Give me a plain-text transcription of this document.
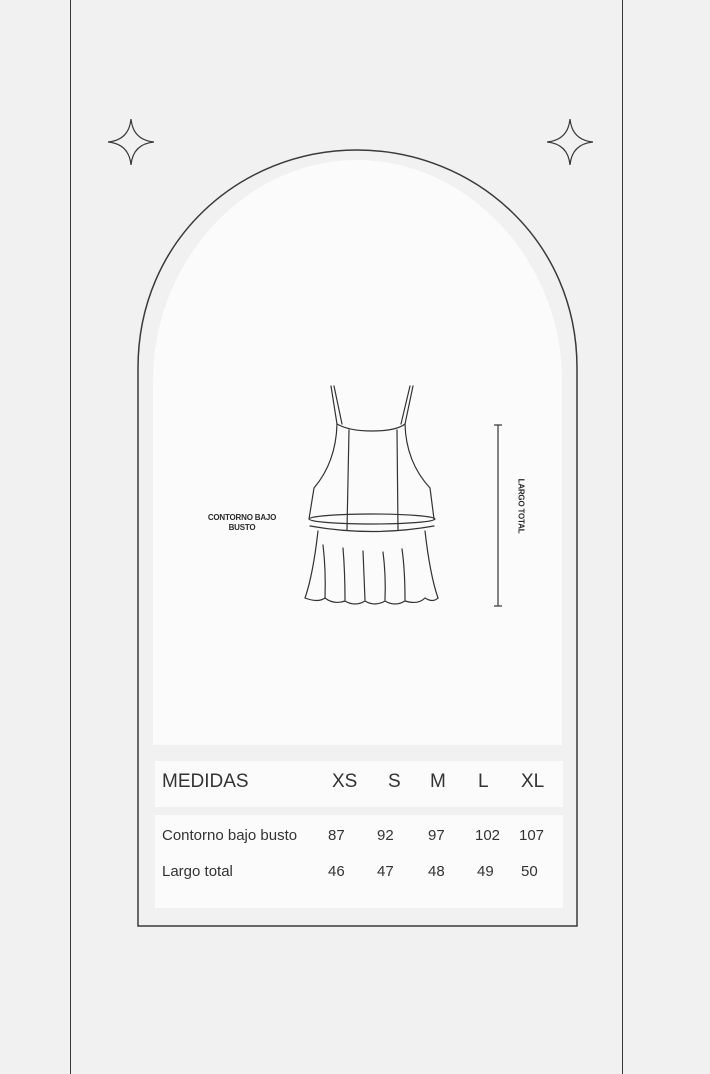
CONTORNO BAJO BUSTO	LARGO TOTAL
MEDIDAS	XS S M L XL
Contorno bajo busto 87 92 97 102 107
Largo total	46 47 48 49 50
